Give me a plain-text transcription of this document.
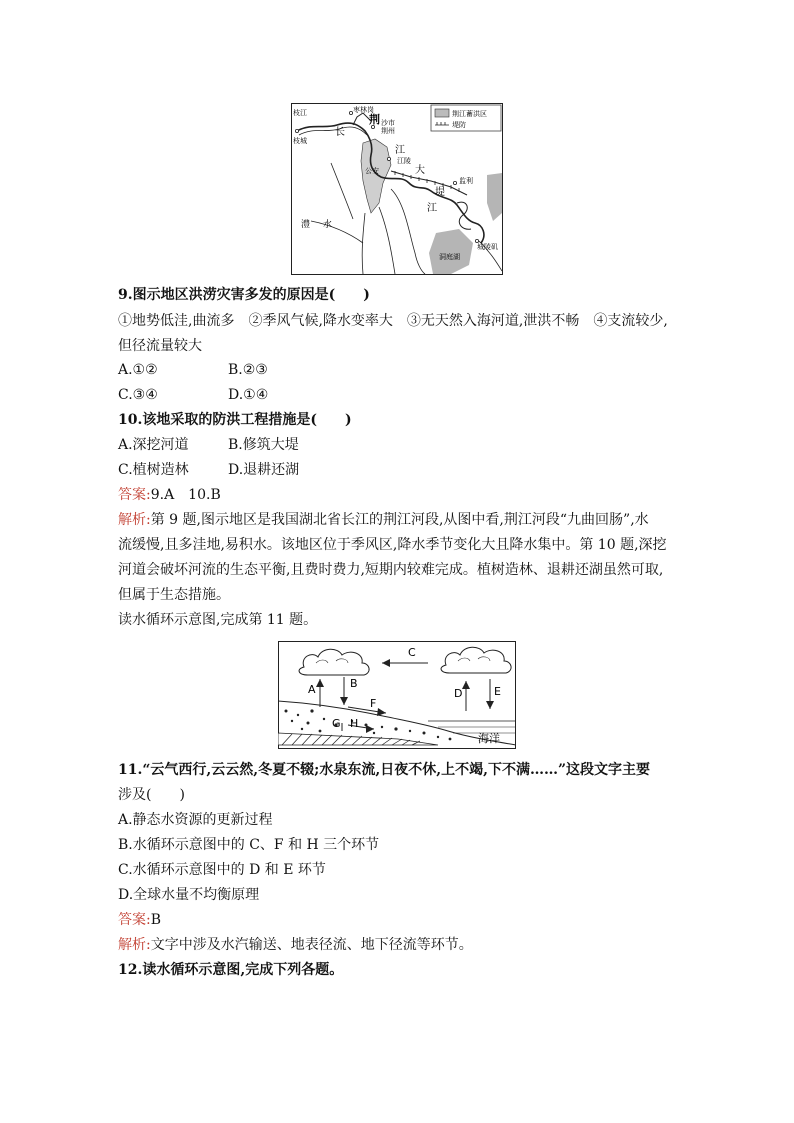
荆江蓄洪区
堤防
枝江	枣林岗
枝城
荆 沙市
荆州
长
江
公安
江陵
大
堤
监利
江
城陵矶
洞庭湖
澧 水
9.图示地区洪涝灾害多发的原因是(　　)
①地势低洼,曲流多　②季风气候,降水变率大　③无天然入海河道,泄洪不畅　④支流较少,
但径流量较大
A.①②	B.②③
C.③④	D.①④
10.该地采取的防洪工程措施是(　　)
A.深挖河道	B.修筑大堤
C.植树造林	D.退耕还湖
答案:9.A　10.B
解析:第 9 题,图示地区是我国湖北省长江的荆江河段,从图中看,荆江河段“九曲回肠”,水
流缓慢,且多洼地,易积水。该地区位于季风区,降水季节变化大且降水集中。第 10 题,深挖
河道会破坏河流的生态平衡,且费时费力,短期内较难完成。植树造林、退耕还湖虽然可取,
但属于生态措施。
读水循环示意图,完成第 11 题。
C
A	B
D	E
F
海洋
G H
11.“云气西行,云云然,冬夏不辍;水泉东流,日夜不休,上不竭,下不满……”这段文字主要
涉及(　　)
A.静态水资源的更新过程
B.水循环示意图中的 C、F 和 H 三个环节
C.水循环示意图中的 D 和 E 环节
D.全球水量不均衡原理
答案:B
解析:文字中涉及水汽输送、地表径流、地下径流等环节。
12.读水循环示意图,完成下列各题。
